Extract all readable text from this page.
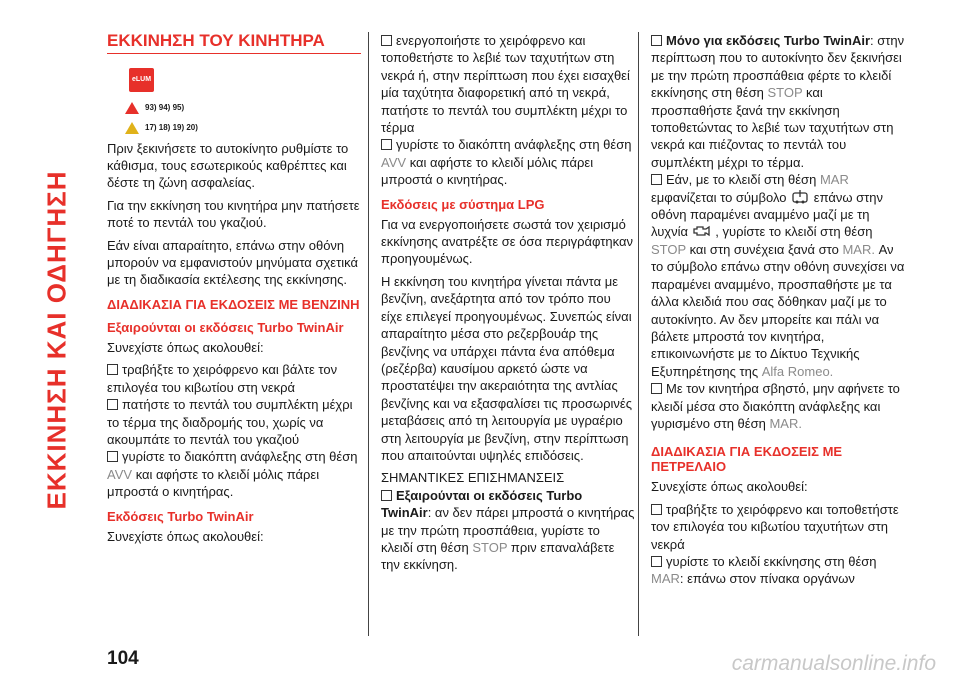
ΕΚΚΙΝΗΣΗ ΚΑΙ ΟΔΗΓΗΣΗ
ΕΚΚΙΝΗΣΗ ΤΟΥ ΚΙΝΗΤΗΡΑ
eLUM
93) 94) 95)
17) 18) 19) 20)

Πριν ξεκινήσετε το αυτοκίνητο ρυθμίστε το κάθισμα, τους εσωτερικούς καθρέπτες και δέστε τη ζώνη ασφαλείας.

Για την εκκίνηση του κινητήρα μην πατήσετε ποτέ το πεντάλ του γκαζιού.

Εάν είναι απαραίτητο, επάνω στην οθόνη μπορούν να εμφανιστούν μηνύματα σχετικά με τη διαδικασία εκτέλεσης της εκκίνησης.

ΔΙΑΔΙΚΑΣΙΑ ΓΙΑ ΕΚΔΟΣΕΙΣ ΜΕ ΒΕΝΖΙΝΗ
Εξαιρούνται οι εκδόσεις Turbo TwinAir

Συνεχίστε όπως ακολουθεί:

τραβήξτε το χειρόφρενο και βάλτε τον επιλογέα του κιβωτίου στη νεκρά
πατήστε το πεντάλ του συμπλέκτη μέχρι το τέρμα της διαδρομής του, χωρίς να ακουμπάτε το πεντάλ του γκαζιού
γυρίστε το διακόπτη ανάφλεξης στη θέση AVV και αφήστε το κλειδί μόλις πάρει μπροστά ο κινητήρας.
Εκδόσεις Turbo TwinAir

Συνεχίστε όπως ακολουθεί:

ενεργοποιήστε το χειρόφρενο και τοποθετήστε το λεβιέ των ταχυτήτων στη νεκρά ή, στην περίπτωση που έχει εισαχθεί μία ταχύτητα διαφορετική από τη νεκρά, πατήστε το πεντάλ του συμπλέκτη μέχρι το τέρμα
γυρίστε το διακόπτη ανάφλεξης στη θέση AVV και αφήστε το κλειδί μόλις πάρει μπροστά ο κινητήρας.
Εκδόσεις με σύστημα LPG

Για να ενεργοποιήσετε σωστά τον χειρισμό εκκίνησης ανατρέξτε σε όσα περιγράφτηκαν προηγουμένως.

Η εκκίνηση του κινητήρα γίνεται πάντα με βενζίνη, ανεξάρτητα από τον τρόπο που είχε επιλεγεί προηγουμένως. Συνεπώς είναι απαραίτητο μέσα στο ρεζερβουάρ της βενζίνης να υπάρχει πάντα ένα απόθεμα (ρεζέρβα) καυσίμου αρκετό ώστε να προστατέψει την ακεραιότητα της αντλίας βενζίνης και να εξασφαλίσει τις προσωρινές μεταβάσεις από τη λειτουργία με υγραέριο στη λειτουργία με βενζίνη, στην περίπτωση που απαιτούνται υψηλές επιδόσεις.

ΣΗΜΑΝΤΙΚΕΣ ΕΠΙΣΗΜΑΝΣΕΙΣ

Εξαιρούνται οι εκδόσεις Turbo TwinAir: αν δεν πάρει μπροστά ο κινητήρας με την πρώτη προσπάθεια, γυρίστε το κλειδί στη θέση STOP πριν επαναλάβετε την εκκίνηση.
Μόνο για εκδόσεις Turbo TwinAir: στην περίπτωση που το αυτοκίνητο δεν ξεκινήσει με την πρώτη προσπάθεια φέρτε το κλειδί εκκίνησης στη θέση STOP και προσπαθήστε ξανά την εκκίνηση τοποθετώντας το λεβιέ των ταχυτήτων στη νεκρά και πιέζοντας το πεντάλ του συμπλέκτη μέχρι το τέρμα.
Εάν, με το κλειδί στη θέση MAR εμφανίζεται το σύμβολο επάνω στην οθόνη παραμένει αναμμένο μαζί με τη λυχνία , γυρίστε το κλειδί στη θέση STOP και στη συνέχεια ξανά στο MAR. Αν το σύμβολο επάνω στην οθόνη συνεχίσει να παραμένει αναμμένο, προσπαθήστε με τα άλλα κλειδιά που σας δόθηκαν μαζί με το αυτοκίνητο. Αν δεν μπορείτε και πάλι να βάλετε μπροστά τον κινητήρα, επικοινωνήστε με το Δίκτυο Τεχνικής Εξυπηρέτησης της Alfa Romeo.
Με τον κινητήρα σβηστό, μην αφήνετε το κλειδί μέσα στο διακόπτη ανάφλεξης και γυρισμένο στη θέση MAR.
ΔΙΑΔΙΚΑΣΙΑ ΓΙΑ ΕΚΔΟΣΕΙΣ ΜΕ ΠΕΤΡΕΛΑΙΟ

Συνεχίστε όπως ακολουθεί:

τραβήξτε το χειρόφρενο και τοποθετήστε τον επιλογέα του κιβωτίου ταχυτήτων στη νεκρά
γυρίστε το κλειδί εκκίνησης στη θέση MAR: επάνω στον πίνακα οργάνων
104	carmanualsonline.info
